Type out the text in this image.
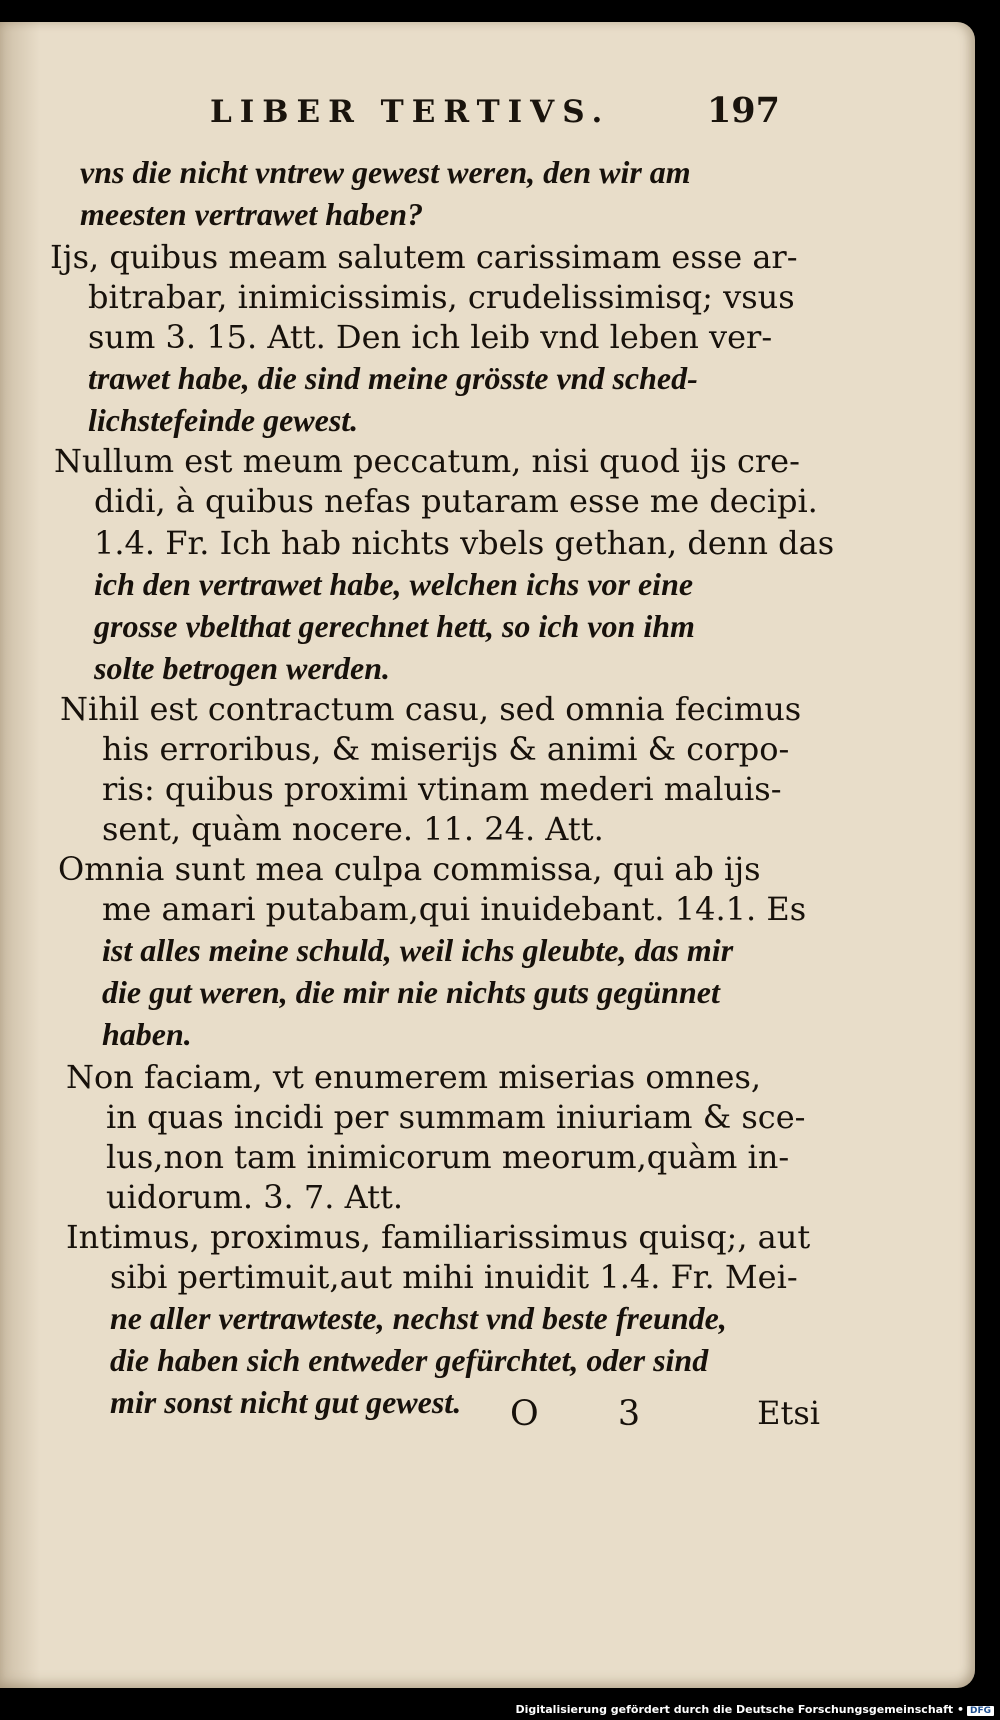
LIBER TERTIVS.	197
vns die nicht vntrew gewest weren, den wir am
meesten vertrawet haben?
Ijs, quibus meam salutem carissimam esse ar-
bitrabar, inimicissimis, crudelissimisq; vsus
sum 3. 15. Att. Den ich leib vnd leben ver-
trawet habe, die sind meine grösste vnd sched-
lichstefeinde gewest.
Nullum est meum peccatum, nisi quod ijs cre-
didi, à quibus nefas putaram esse me decipi.
1.4. Fr. Ich hab nichts vbels gethan, denn das
ich den vertrawet habe, welchen ichs vor eine
grosse vbelthat gerechnet hett, so ich von ihm
solte betrogen werden.
Nihil est contractum casu, sed omnia fecimus
his erroribus, & miserijs & animi & corpo-
ris: quibus proximi vtinam mederi maluis-
sent, quàm nocere. 11. 24. Att.
Omnia sunt mea culpa commissa, qui ab ijs
me amari putabam,qui inuidebant. 14.1. Es
ist alles meine schuld, weil ichs gleubte, das mir
die gut weren, die mir nie nichts guts gegünnet
haben.
Non faciam, vt enumerem miserias omnes,
in quas incidi per summam iniuriam & sce-
lus,non tam inimicorum meorum,quàm in-
uidorum. 3. 7. Att.
Intimus, proximus, familiarissimus quisq;, aut
sibi pertimuit,aut mihi inuidit 1.4. Fr. Mei-
ne aller vertrawteste, nechst vnd beste freunde,
die haben sich entweder gefürchtet, oder sind
mir sonst nicht gut gewest. O 3	Etsi
Digitalisierung gefördert durch die Deutsche Forschungsgemeinschaft • DFG
